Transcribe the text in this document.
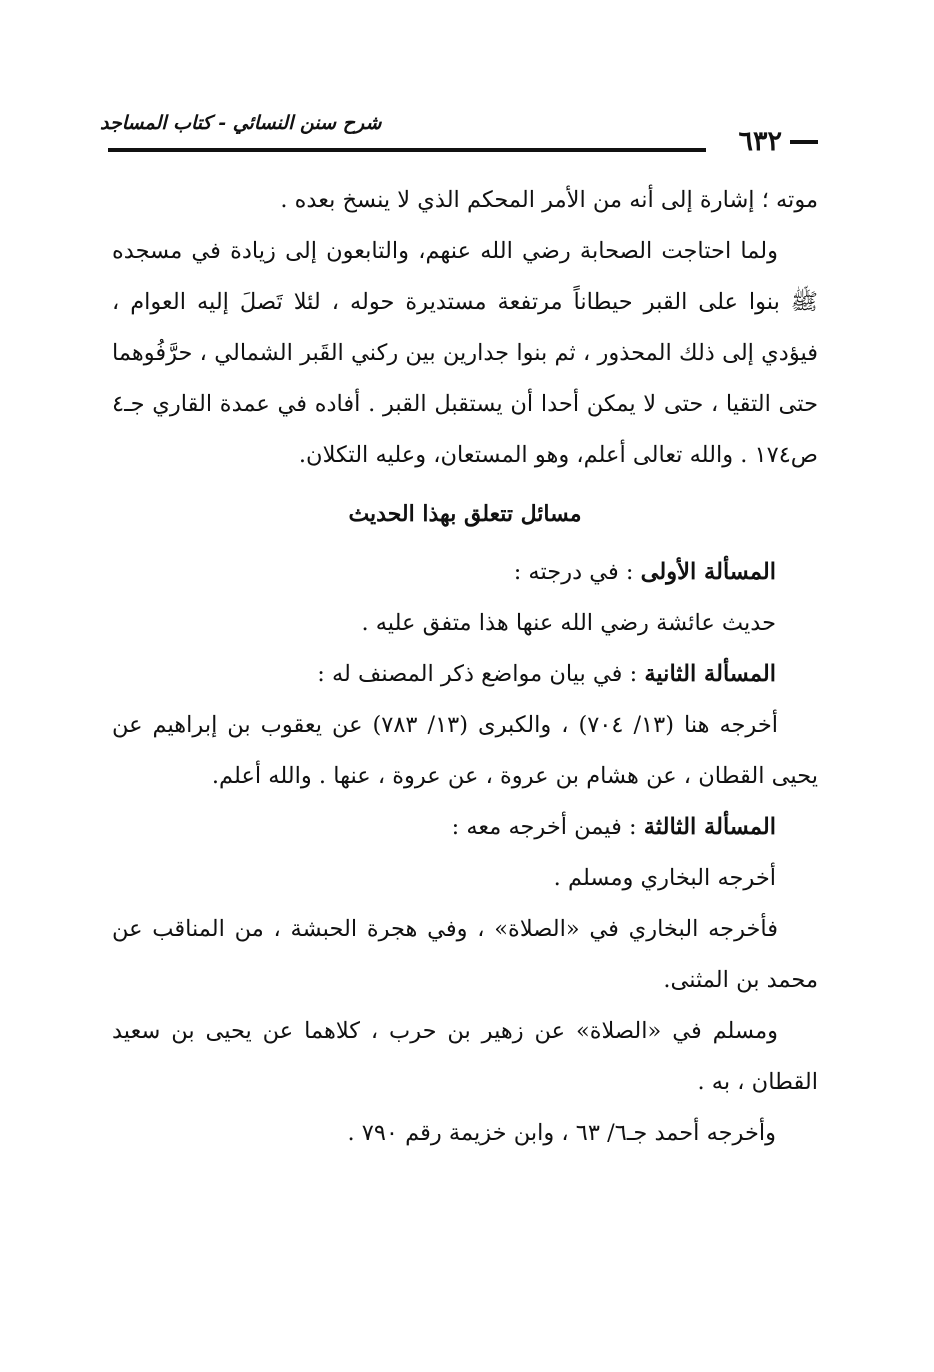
٦٣٢
شرح سنن النسائي - كتاب المساجد

موته ؛ إشارة إلى أنه من الأمر المحكم الذي لا ينسخ بعده .

ولما احتاجت الصحابة رضي الله عنهم، والتابعون إلى زيادة في مسجده ﷺ بنوا على القبر حيطاناً مرتفعة مستديرة حوله ، لئلا تَصلَ إليه العوام ، فيؤدي إلى ذلك المحذور ، ثم بنوا جدارين بين ركني القَبر الشمالي ، حرَّفُوهما حتى التقيا ، حتى لا يمكن أحدا أن يستقبل القبر . أفاده في عمدة القاري جـ٤ ص١٧٤ . والله تعالى أعلم، وهو المستعان، وعليه التكلان.

مسائل تتعلق بهذا الحديث

المسألة الأولى : في درجته :

حديث عائشة رضي الله عنها هذا متفق عليه .

المسألة الثانية : في بيان مواضع ذكر المصنف له :

أخرجه هنا (١٣/ ٧٠٤) ، والكبرى (١٣/ ٧٨٣) عن يعقوب بن إبراهيم عن يحيى القطان ، عن هشام بن عروة ، عن عروة ، عنها . والله أعلم.

المسألة الثالثة : فيمن أخرجه معه :

أخرجه البخاري ومسلم .

فأخرجه البخاري في «الصلاة» ، وفي هجرة الحبشة ، من المناقب عن محمد بن المثنى.

ومسلم في «الصلاة» عن زهير بن حرب ، كلاهما عن يحيى بن سعيد القطان ، به .

وأخرجه أحمد جـ٦/ ٦٣ ، وابن خزيمة رقم ٧٩٠ .
